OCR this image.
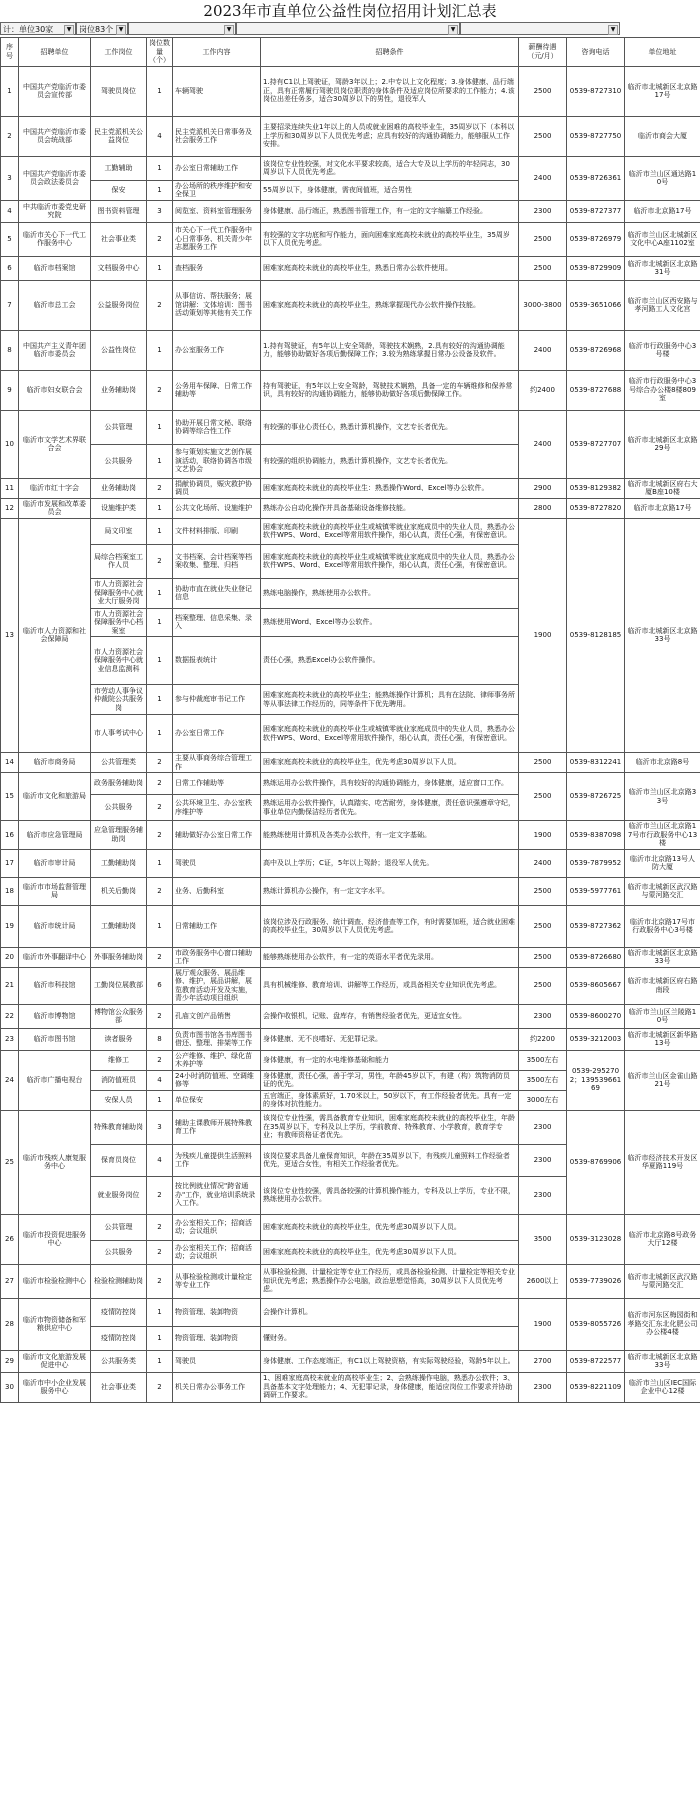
2023年市直单位公益性岗位招用计划汇总表
计：单位30家	▼ 岗位83个 ▼	▼	▼	▼
序号	招聘单位	工作岗位	岗位数量（个）	工作内容	招聘条件	薪酬待遇（元/月）	咨询电话	单位地址
1	中国共产党临沂市委员会宣传部	驾驶员岗位	1	车辆驾驶	1.持有C1以上驾驶证，驾龄3年以上；2.中专以上文化程度；3.身体健康、品行端正，具有正常履行驾驶员岗位职责的身体条件及适应岗位所要求的工作能力；4.该岗位出差任务多，适合30周岁以下的男性，退役军人	2500	0539-8727310	临沂市北城新区北京路17号
2	中国共产党临沂市委员会统战部	民主党派机关公益岗位	4	民主党派机关日常事务及社会服务工作	主要招录连续失业1年以上的人员或就业困难的高校毕业生，35周岁以下（本科以上学历和30周岁以下人员优先考虑；应具有较好的沟通协调能力，能够服从工作安排。	2500	0539-8727750	临沂市商会大厦
3	中国共产党临沂市委员会政法委员会	工勤辅助	1	办公室日常辅助工作	该岗位专业性较强，对文化水平要求较高，适合大专及以上学历的年轻同志，30周岁以下人员优先考虑。	2400	0539-8726361	临沂市兰山区通达路10号
		保安	1	办公场所的秩序维护和安全保卫	55周岁以下，身体健康，需夜间值班，适合男性			
4	中共临沂市委党史研究院	图书资料管理	3	阅览室、资料室管理服务	身体健康、品行端正，熟悉图书管理工作，有一定的文字编纂工作经验。	2300	0539-8727377	临沂市北京路17号
5	临沂市关心下一代工作服务中心	社会事业类	2	市关心下一代工作服务中心日常事务、机关青少年志愿服务工作	有较强的文字功底和写作能力，面向困难家庭高校未就业的高校毕业生，35周岁以下人员优先考虑。	2500	0539-8726979	临沂市兰山区北城新区文化中心A座1102室
6	临沂市档案馆	文档服务中心	1	查档服务	困难家庭高校未就业的高校毕业生，熟悉日常办公软件使用。	2500	0539-8729909	临沂市北城新区北京路31号
7	临沂市总工会	公益服务岗位	2	从事信访、帮扶服务；展馆讲解：文体培训：图书活动策划等其他有关工作	困难家庭高校未就业的高校毕业生，熟练掌握现代办公软件操作技能。	3000-3800	0539-3651066	临沂市兰山区西安路与孝河路工人文化宫
8	中国共产主义青年团临沂市委员会	公益性岗位	1	办公室服务工作	1.持有驾驶证，有5年以上安全驾龄，驾驶技术娴熟，2.具有较好的沟通协调能力，能够协助做好各项后勤保障工作；3.较为熟练掌握日常办公设备及软件。	2400	0539-8726968	临沂市行政服务中心3号楼
9	临沂市妇女联合会	业务辅助岗	2	公务用车保障、日常工作辅助等	持有驾驶证，有5年以上安全驾龄，驾驶技术娴熟，具备一定的车辆维修和保养常识，具有较好的沟通协调能力，能够协助做好各项后勤保障工作。	约2400	0539-8727688	临沂市行政服务中心3号综合办公楼8楼809室
10	临沂市文学艺术界联合会	公共管理	1	协助开展日常文秘、联络协调等综合性工作	有较强的事业心责任心，熟悉计算机操作，文艺专长者优先。	2400	0539-8727707	临沂市北城新区北京路29号
		公共服务	1	参与策划实施文艺创作展演活动，联络协调各市级文艺协会	有较强的组织协调能力，熟悉计算机操作，文艺专长者优先。			
11	临沂市红十字会	业务辅助岗	2	捐献协调员，赈灾救护协调员	困难家庭高校未就业的高校毕业生：熟悉操作Word、Excel等办公软件。	2900	0539-8129382	临沂市北城新区府右大厦B座10楼
12	临沂市发展和改革委员会	设施维护类	1	公共文化场所、设施维护	熟练办公自动化操作并具备基础设备维修技能。	2800	0539-8727820	临沂市北京路17号
13	临沂市人力资源和社会保障局	局文印室	1	文件材料排版、印刷	困难家庭高校未就业的高校毕业生或城镇零就业家庭成员中的失业人员，熟悉办公软件WPS、Word、Excel等常用软件操作，细心认真，责任心强，有保密意识。	1900	0539-8128185	临沂市北城新区北京路33号
		局综合档案室工作人员	2	文书档案、会计档案等档案收集、整理、归档	困难家庭高校未就业的高校毕业生或城镇零就业家庭成员中的失业人员，熟悉办公软件WPS、Word、Excel等常用软件操作，细心认真，责任心强，有保密意识。			
		市人力资源社会保障服务中心就业大厅服务岗	1	协助市直在就业失业登记信息	熟练电脑操作，熟练使用办公软件。			
		市人力资源社会保障服务中心档案室	1	档案整理、信息采集、录入	熟练使用Word、Excel等办公软件。			
		市人力资源社会保障服务中心就业信息监测科	1	数据报表统计	责任心强，熟悉Excel办公软件操作。			
		市劳动人事争议仲裁院公共服务岗	1	参与仲裁庭审书记工作	困难家庭高校未就业的高校毕业生；能熟练操作计算机；具有在法院、律师事务所等从事法律工作经历的，同等条件下优先聘用。			
		市人事考试中心	1	办公室日常工作	困难家庭高校未就业的高校毕业生或城镇零就业家庭成员中的失业人员，熟悉办公软件WPS、Word、Excel等常用软件操作，细心认真，责任心强，有保密意识。			
14	临沂市商务局	公共管理类	2	主要从事商务综合管理工作	困难家庭高校未就业的高校毕业生，优先考虑30周岁以下人员。	2500	0539-8312241	临沂市北京路8号
15	临沂市文化和旅游局	政务服务辅助岗	2	日常工作辅助等	熟练运用办公软件操作，具有较好的沟通协调能力，身体健康，适应窗口工作。	2500	0539-8726725	临沂市兰山区北京路33号
		公共服务	2	公共环境卫生、办公室秩序维护等	熟练运用办公软件操作，认真踏实、吃苦耐劳，身体健康，责任意识强遵章守纪，事业单位内勤保洁经历者优先。			
16	临沂市应急管理局	应急管理服务辅助岗	2	辅助做好办公室日常工作	能熟练使用计算机及各类办公软件，有一定文字基础。	1900	0539-8387098	临沂市兰山区北京路17号市行政服务中心13楼
17	临沂市审计局	工勤辅助岗	1	驾驶员	高中及以上学历；C证，5年以上驾龄；退役军人优先。	2400	0539-7879952	临沂市北京路13号人防大厦
18	临沂市市场监督管理局	机关后勤岗	2	业务、后勤科室	熟练计算机办公操作，有一定文字水平。	2500	0539-5977761	临沂市北城新区武汉路与蒙河路交汇
19	临沂市统计局	工勤辅助岗	1	日常辅助工作	该岗位涉及行政服务、统计调查、经济普查等工作，有时需要加班，适合就业困难的高校毕业生，30周岁以下人员优先考虑。	2500	0539-8727362	临沂市北京路17号市行政服务中心3号楼
20	临沂市外事翻译中心	外事服务辅助岗	2	市政务服务中心窗口辅助工作	能够熟练使用办公软件，有一定的英语水平者优先录用。	2500	0539-8726680	临沂市北城新区北京路33号
21	临沂市科技馆	工勤岗位展教部	6	展厅观众服务、展品维修、维护，展品讲解，展览教育活动开发及实施，青少年活动项目组织	具有机械维修、教育培训、讲解等工作经历，或具备相关专业知识优先考虑。	2500	0539-8605667	临沂市北城新区府右路南段
22	临沂市博物馆	博物馆公众服务部	2	孔庙文创产品销售	会操作收银机，记账、盘库存，有销售经验者优先，更适宜女性。	2300	0539-8600270	临沂市兰山区兰陵路10号
23	临沂市图书馆	读者服务	8	负责市图书馆各书库图书借还、整理、排架等工作	身体健康、无不良嗜好、无犯罪记录。	约2200	0539-3212003	临沂市北城新区新华路13号
24	临沂市广播电视台	维修工	2	公产维修、维护、绿化苗木养护等	身体健康，有一定的水电维修基础和能力	3500左右	0539-2952702；13953966169	临沂市兰山区金雀山路21号
		消防值班员	4	24小时消防值班、空调维修等	身体健康，责任心强，善于学习，男性，年龄45岁以下，有建（构）筑物消防员证的优先。	3500左右		
		安保人员	1	单位保安	五官端正，身体素质好，1.70米以上，50岁以下，有工作经验者优先。具有一定的身体对抗性能力。	3000左右		
25	临沂市残疾人康复服务中心	特殊教育辅助岗	3	辅助主课教师开展特殊教育工作	该岗位专业性强，需具备教育专业知识，困难家庭高校未就业的高校毕业生，年龄在35周岁以下，专科及以上学历，学前教育、特殊教育、小学教育，教育学专业；有教师资格证者优先。	2300	0539-8769906	临沂市经济技术开发区华夏路119号
		保育员岗位	4	为残疾儿童提供生活照料工作	该岗位要求具备儿童保育知识，年龄在35周岁以下，有残疾儿童照料工作经验者优先，更适合女性，有相关工作经验者优先。	2300		
		就业服务岗位	2	按比例就业情况"跨省通办"工作，就业培训系统录入工作。	该岗位专业性较强，需具备较强的计算机操作能力，专科及以上学历，专业不限，熟练使用办公软件。	2300		
26	临沂市投资促进服务中心	公共管理	2	办公室相关工作；招商活动；会议组织	困难家庭高校未就业的高校毕业生，优先考虑30周岁以下人员。	3500	0539-3123028	临沂市北京路8号政务大厅12楼
		公共服务	2	办公室相关工作；招商活动；会议组织	困难家庭高校未就业的高校毕业生，优先考虑30周岁以下人员。			
27	临沂市检验检测中心	检验检测辅助岗	2	从事检验检测或计量检定等专业工作	从事检验检测、计量检定等专业工作经历，或具备检验检测、计量检定等相关专业知识优先考虑；熟悉操作办公电脑，政治思想觉悟高，30周岁以下人员优先考虑。	2600以上	0539-7739026	临沂市北城新区武汉路与蒙河路交汇
28	临沂市物资储备和军粮供应中心	疫情防控岗	1	物资管理、装卸物资	会操作计算机。	1900	0539-8055726	临沂市河东区梅园街和孝路交汇东北化肥公司办公楼4楼
		疫情防控岗	1	物资管理、装卸物资	懂财务。			
29	临沂市文化旅游发展促进中心	公共服务类	1	驾驶员	身体健康、工作态度端正，有C1以上驾驶资格，有实际驾驶经验，驾龄5年以上。	2700	0539-8722577	临沂市北城新区北京路33号
30	临沂市中小企业发展服务中心	社会事业类	2	机关日常办公事务工作	1、困难家庭高校未就业的高校毕业生；2、会熟练操作电脑，熟悉办公软件；3、具备基本文字处理能力；4、无犯罪记录，身体健康，能适应岗位工作要求并协助调研工作要求。	2300	0539-8221109	临沂市兰山区IEC国际企业中心12楼
